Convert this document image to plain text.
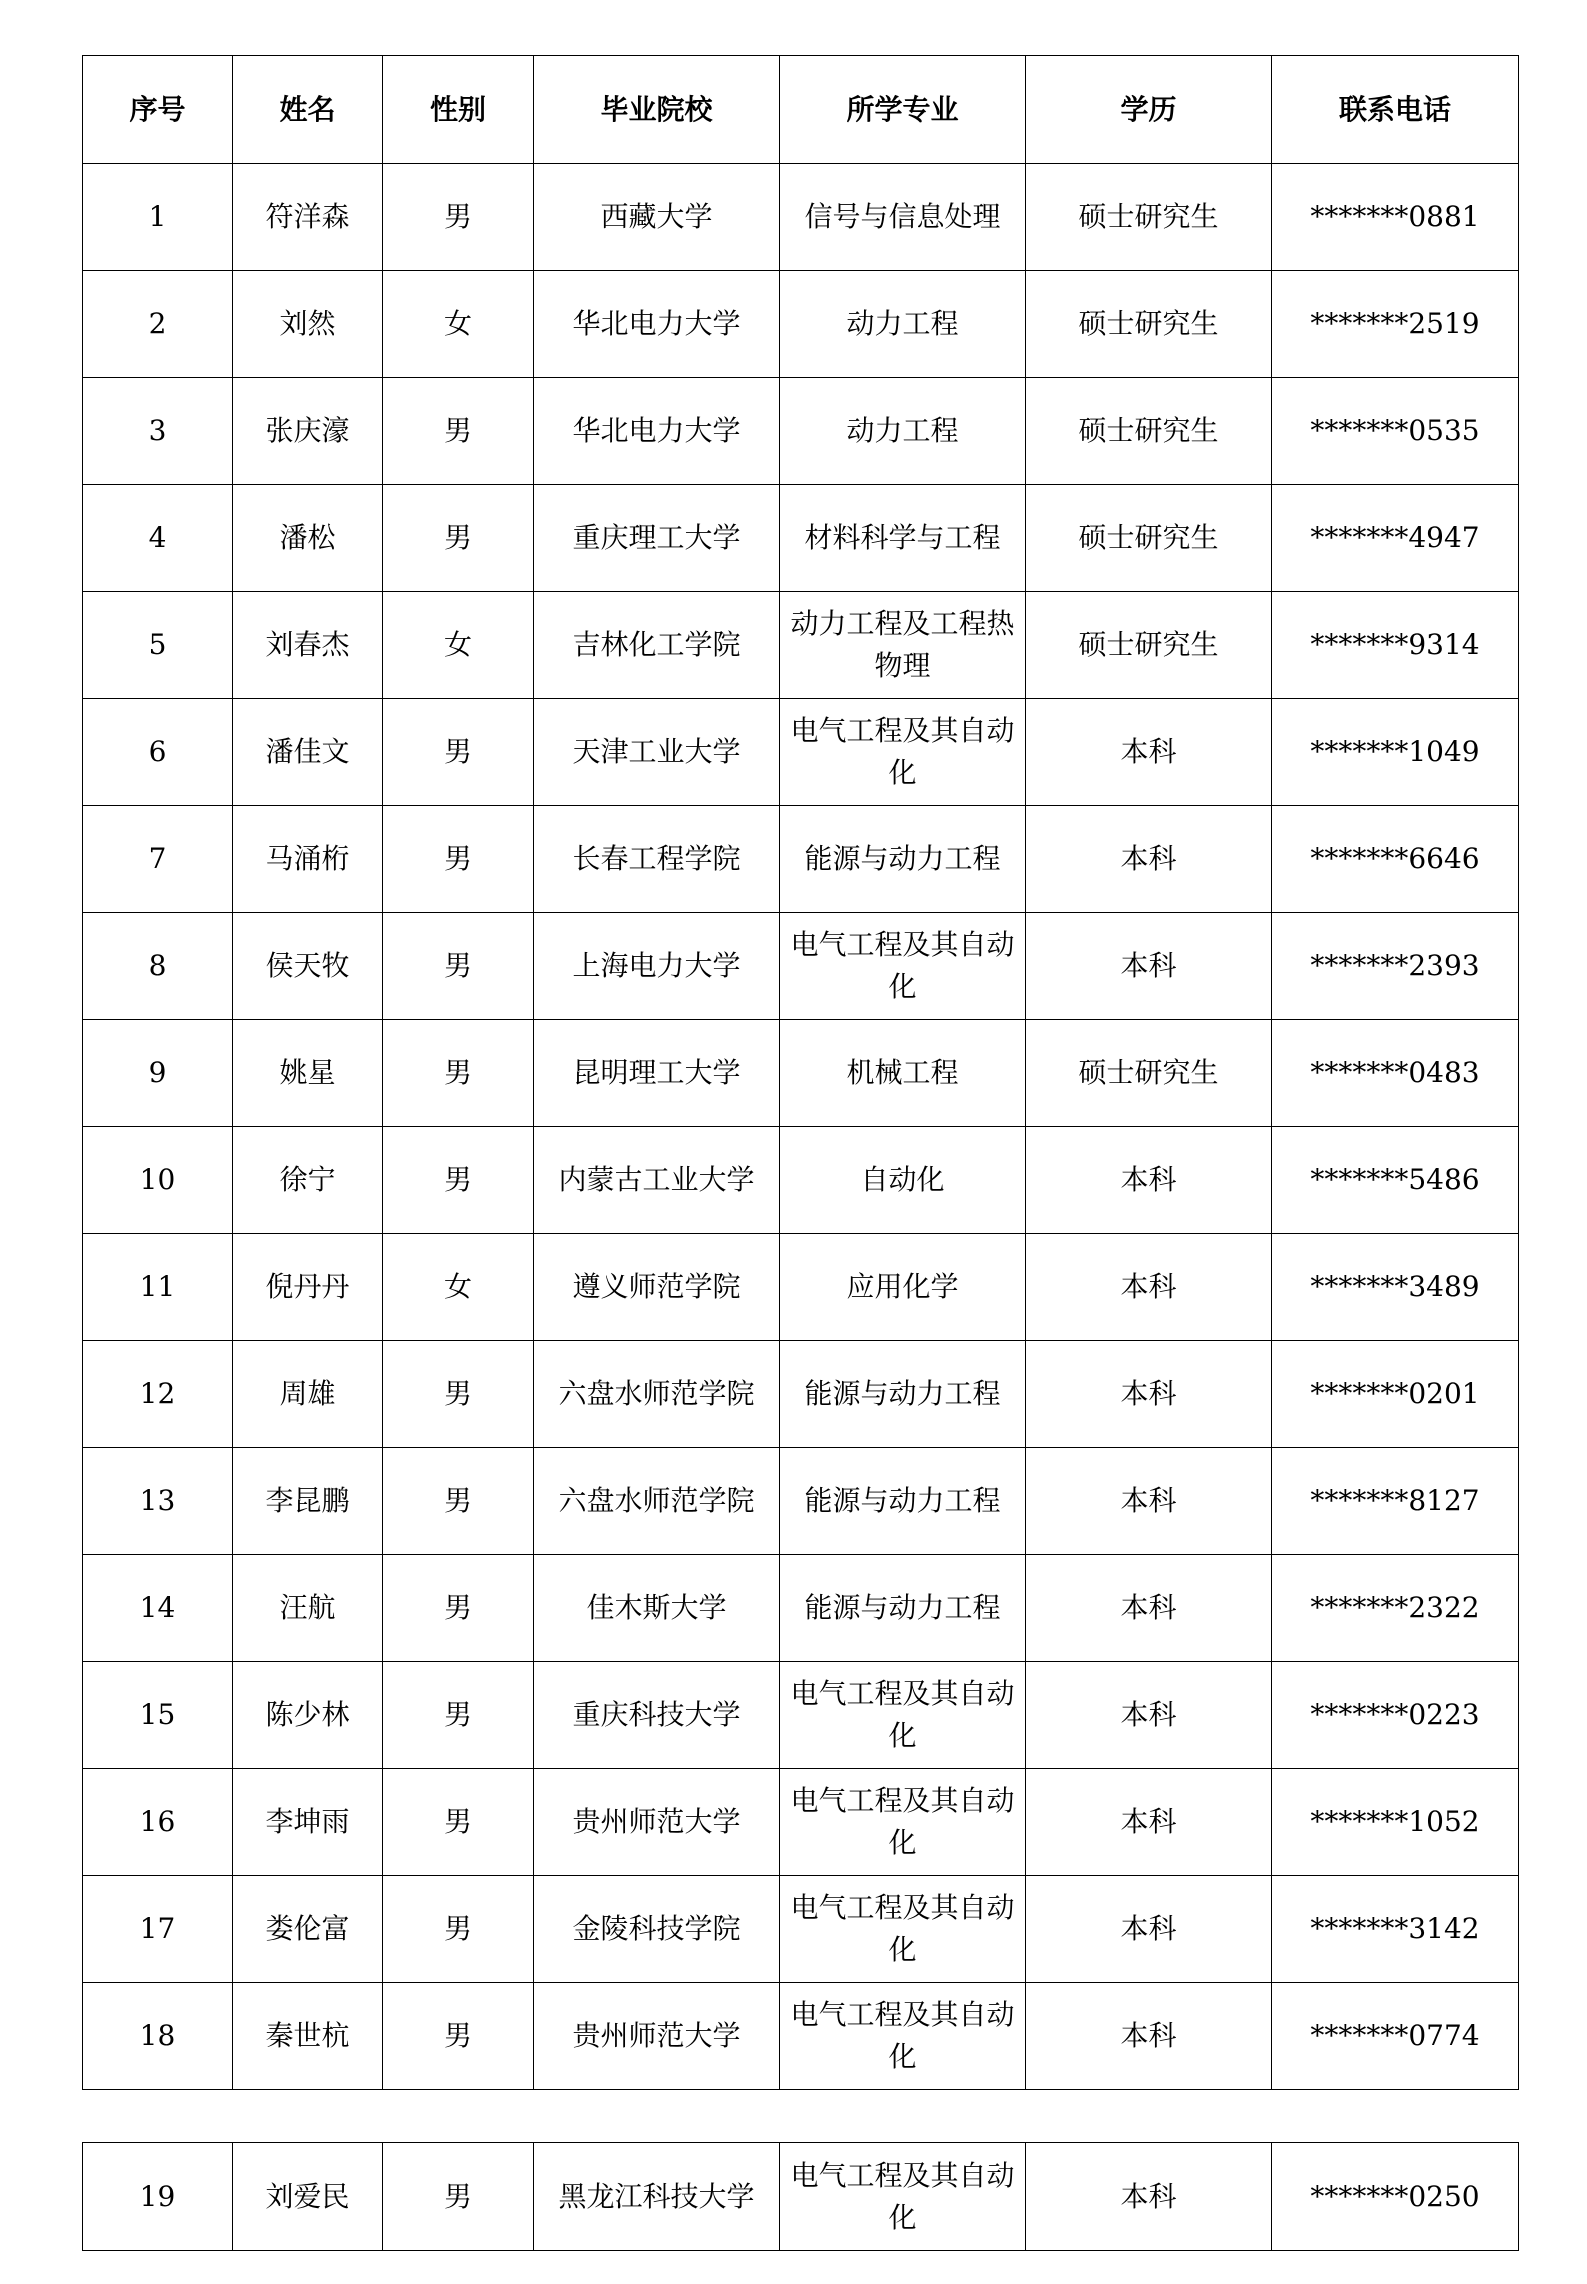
序号	姓名	性别	毕业院校	所学专业	学历	联系电话
1	符洋森	男	西藏大学	信号与信息处理	硕士研究生	*******0881
2	刘然	女	华北电力大学	动力工程	硕士研究生	*******2519
3	张庆濠	男	华北电力大学	动力工程	硕士研究生	*******0535
4	潘松	男	重庆理工大学	材料科学与工程	硕士研究生	*******4947
5	刘春杰	女	吉林化工学院	动力工程及工程热物理	硕士研究生	*******9314
6	潘佳文	男	天津工业大学	电气工程及其自动化	本科	*******1049
7	马涌桁	男	长春工程学院	能源与动力工程	本科	*******6646
8	侯天牧	男	上海电力大学	电气工程及其自动化	本科	*******2393
9	姚星	男	昆明理工大学	机械工程	硕士研究生	*******0483
10	徐宁	男	内蒙古工业大学	自动化	本科	*******5486
11	倪丹丹	女	遵义师范学院	应用化学	本科	*******3489
12	周雄	男	六盘水师范学院	能源与动力工程	本科	*******0201
13	李昆鹏	男	六盘水师范学院	能源与动力工程	本科	*******8127
14	汪航	男	佳木斯大学	能源与动力工程	本科	*******2322
15	陈少林	男	重庆科技大学	电气工程及其自动化	本科	*******0223
16	李坤雨	男	贵州师范大学	电气工程及其自动化	本科	*******1052
17	娄伦富	男	金陵科技学院	电气工程及其自动化	本科	*******3142
18	秦世杭	男	贵州师范大学	电气工程及其自动化	本科	*******0774
19	刘爱民	男	黑龙江科技大学	电气工程及其自动化	本科	*******0250
